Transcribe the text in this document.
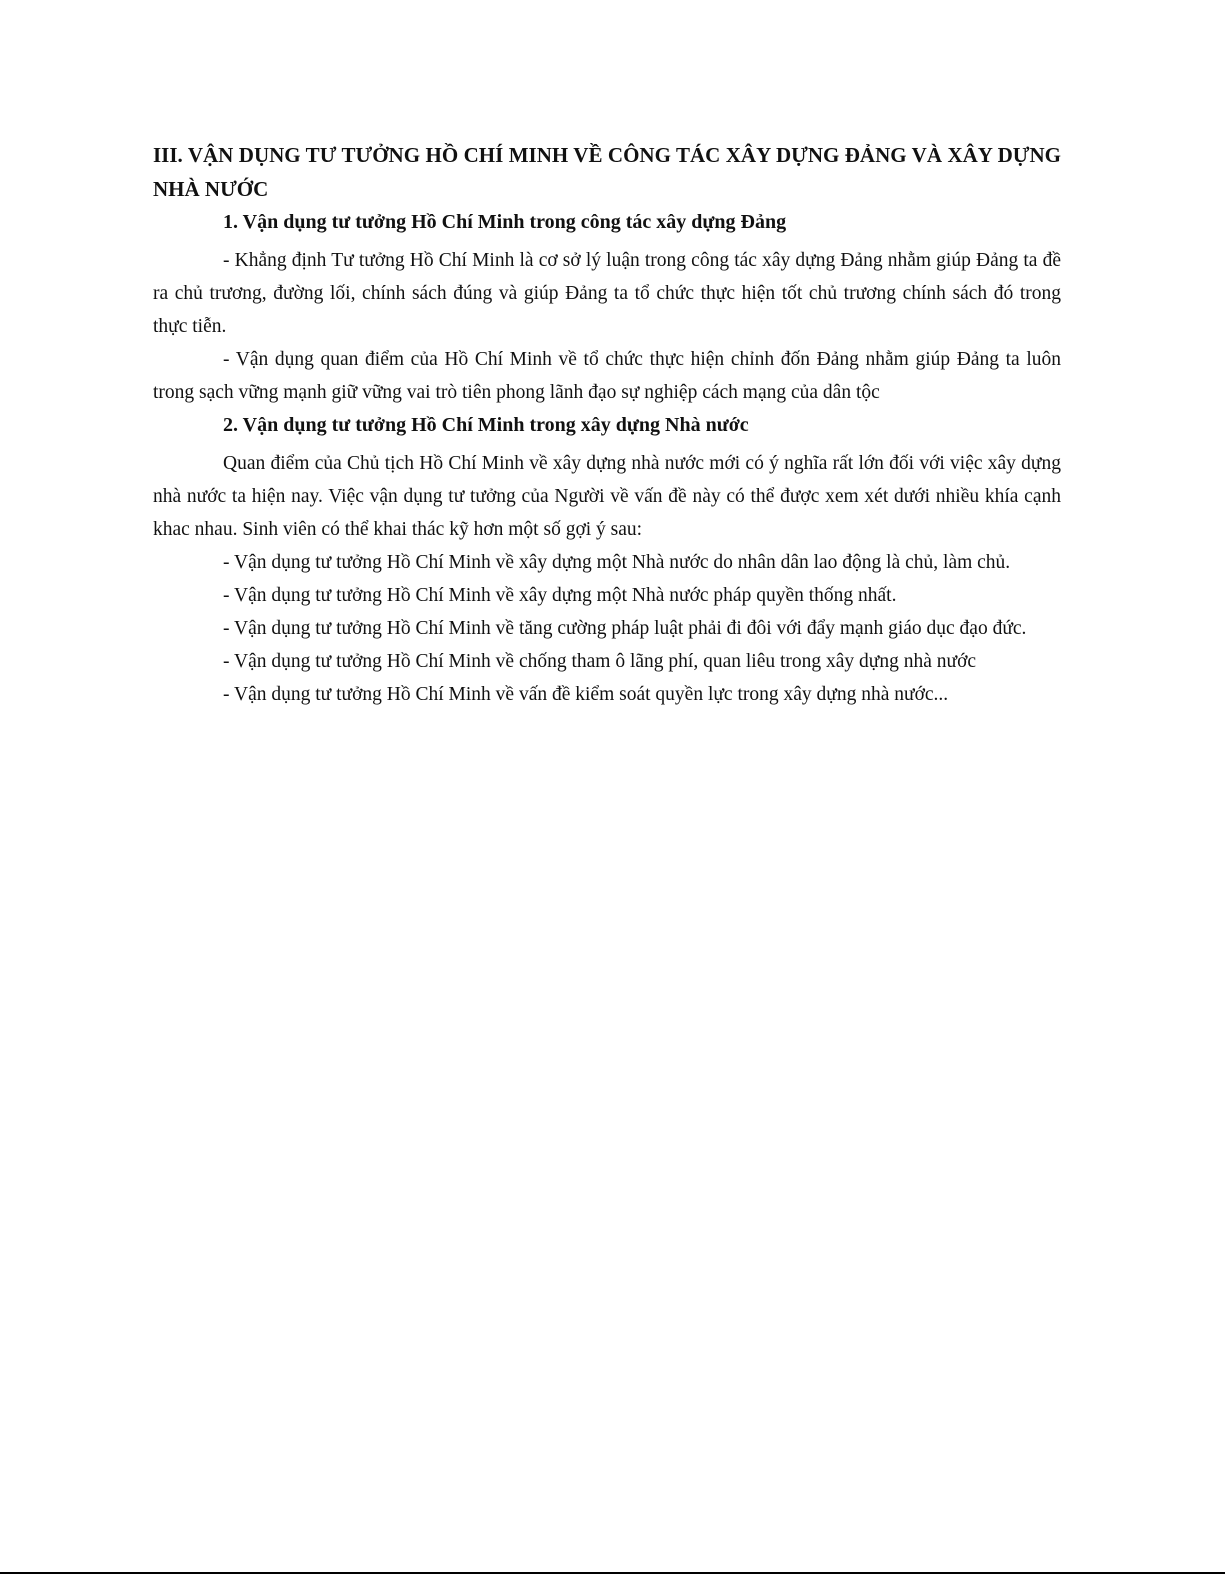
III. VẬN DỤNG TƯ TƯỞNG HỒ CHÍ MINH VỀ CÔNG TÁC XÂY DỰNG ĐẢNG VÀ XÂY DỰNG NHÀ NƯỚC
1. Vận dụng tư tưởng Hồ Chí Minh trong công tác xây dựng Đảng

- Khẳng định Tư tưởng Hồ Chí Minh là cơ sở lý luận trong công tác xây dựng Đảng nhằm giúp Đảng ta đề ra chủ trương, đường lối, chính sách đúng và giúp Đảng ta tổ chức thực hiện tốt chủ trương chính sách đó trong thực tiễn.

- Vận dụng quan điểm của Hồ Chí Minh về tổ chức thực hiện chỉnh đốn Đảng nhằm giúp Đảng ta luôn trong sạch vững mạnh giữ vững vai trò tiên phong lãnh đạo sự nghiệp cách mạng của dân tộc

2. Vận dụng tư tưởng Hồ Chí Minh trong xây dựng Nhà nước

Quan điểm của Chủ tịch Hồ Chí Minh về xây dựng nhà nước mới có ý nghĩa rất lớn đối với việc xây dựng nhà nước ta hiện nay. Việc vận dụng tư tưởng của Người về vấn đề này có thể được xem xét dưới nhiều khía cạnh khac nhau. Sinh viên có thể khai thác kỹ hơn một số gợi ý sau:

- Vận dụng tư tưởng Hồ Chí Minh về xây dựng một Nhà nước do nhân dân lao động là chủ, làm chủ.

- Vận dụng tư tưởng Hồ Chí Minh về xây dựng một Nhà nước pháp quyền thống nhất.

- Vận dụng tư tưởng Hồ Chí Minh về tăng cường pháp luật phải đi đôi với đẩy mạnh giáo dục đạo đức.

- Vận dụng tư tưởng Hồ Chí Minh về chống tham ô lãng phí, quan liêu trong xây dựng nhà nước

- Vận dụng tư tưởng Hồ Chí Minh về vấn đề kiểm soát quyền lực trong xây dựng nhà nước...
